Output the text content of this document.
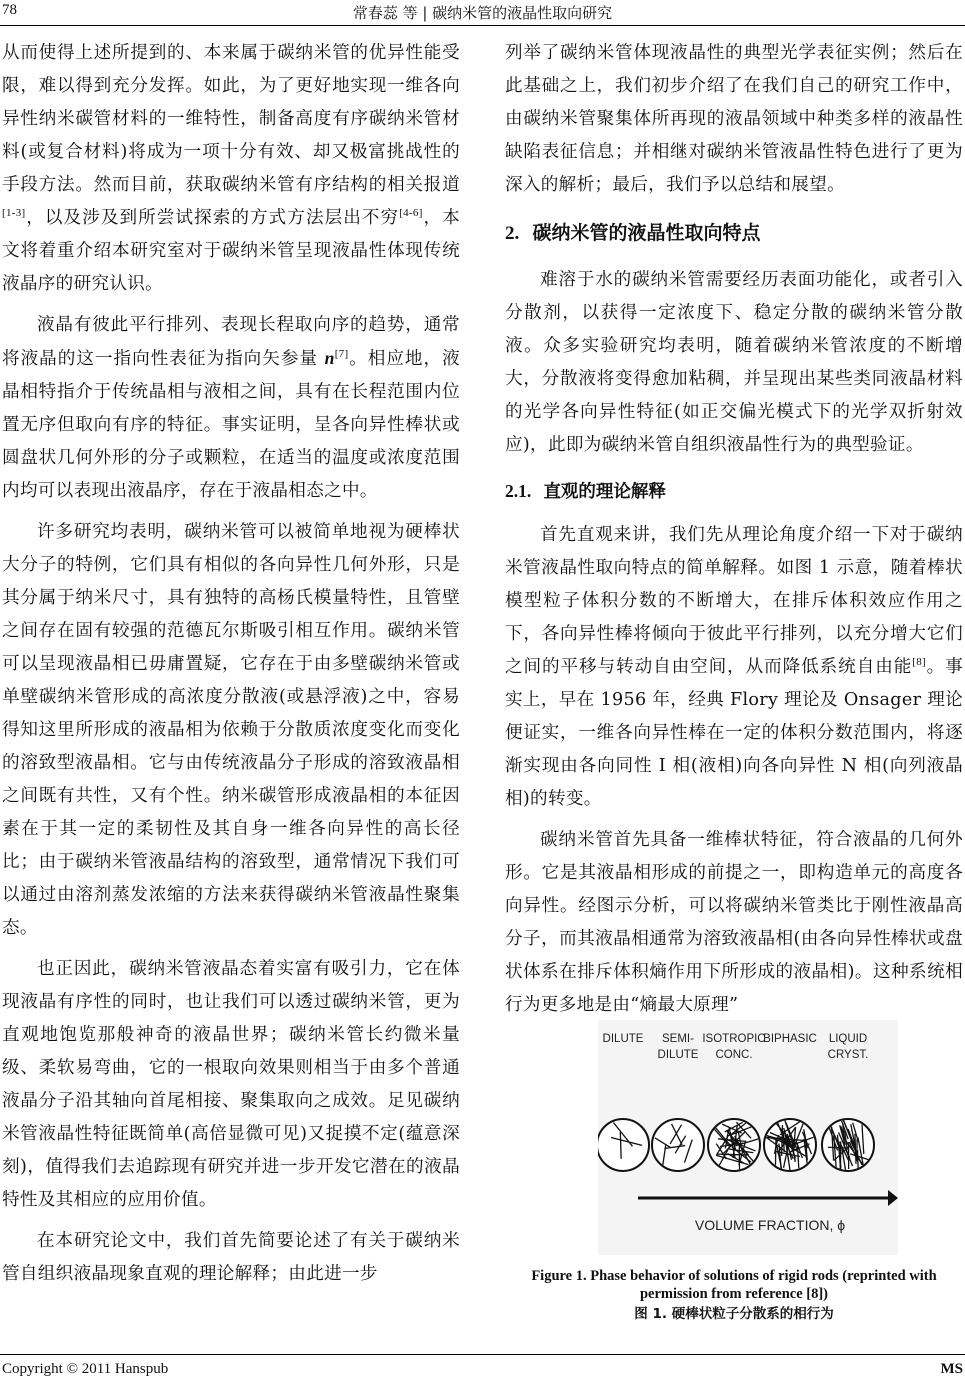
78	常春蕊 等 | 碳纳米管的液晶性取向研究

从而使得上述所提到的、本来属于碳纳米管的优异性能受限，难以得到充分发挥。如此，为了更好地实现一维各向异性纳米碳管材料的一维特性，制备高度有序碳纳米管材料(或复合材料)将成为一项十分有效、却又极富挑战性的手段方法。然而目前，获取碳纳米管有序结构的相关报道[1-3]，以及涉及到所尝试探索的方式方法层出不穷[4-6]，本文将着重介绍本研究室对于碳纳米管呈现液晶性体现传统液晶序的研究认识。

液晶有彼此平行排列、表现长程取向序的趋势，通常将液晶的这一指向性表征为指向矢参量 n[7]。相应地，液晶相特指介于传统晶相与液相之间，具有在长程范围内位置无序但取向有序的特征。事实证明，呈各向异性棒状或圆盘状几何外形的分子或颗粒，在适当的温度或浓度范围内均可以表现出液晶序，存在于液晶相态之中。

许多研究均表明，碳纳米管可以被简单地视为硬棒状大分子的特例，它们具有相似的各向异性几何外形，只是其分属于纳米尺寸，具有独特的高杨氏模量特性，且管壁之间存在固有较强的范德瓦尔斯吸引相互作用。碳纳米管可以呈现液晶相已毋庸置疑，它存在于由多壁碳纳米管或单壁碳纳米管形成的高浓度分散液(或悬浮液)之中，容易得知这里所形成的液晶相为依赖于分散质浓度变化而变化的溶致型液晶相。它与由传统液晶分子形成的溶致液晶相之间既有共性，又有个性。纳米碳管形成液晶相的本征因素在于其一定的柔韧性及其自身一维各向异性的高长径比；由于碳纳米管液晶结构的溶致型，通常情况下我们可以通过由溶剂蒸发浓缩的方法来获得碳纳米管液晶性聚集态。

也正因此，碳纳米管液晶态着实富有吸引力，它在体现液晶有序性的同时，也让我们可以透过碳纳米管，更为直观地饱览那般神奇的液晶世界；碳纳米管长约微米量级、柔软易弯曲，它的一根取向效果则相当于由多个普通液晶分子沿其轴向首尾相接、聚集取向之成效。足见碳纳米管液晶性特征既简单(高倍显微可见)又捉摸不定(蕴意深刻)，值得我们去追踪现有研究并进一步开发它潜在的液晶特性及其相应的应用价值。

在本研究论文中，我们首先简要论述了有关于碳纳米管自组织液晶现象直观的理论解释；由此进一步

列举了碳纳米管体现液晶性的典型光学表征实例；然后在此基础之上，我们初步介绍了在我们自己的研究工作中，由碳纳米管聚集体所再现的液晶领域中种类多样的液晶性缺陷表征信息；并相继对碳纳米管液晶性特色进行了更为深入的解析；最后，我们予以总结和展望。

2. 碳纳米管的液晶性取向特点

难溶于水的碳纳米管需要经历表面功能化，或者引入分散剂，以获得一定浓度下、稳定分散的碳纳米管分散液。众多实验研究均表明，随着碳纳米管浓度的不断增大，分散液将变得愈加粘稠，并呈现出某些类同液晶材料的光学各向异性特征(如正交偏光模式下的光学双折射效应)，此即为碳纳米管自组织液晶性行为的典型验证。

2.1. 直观的理论解释

首先直观来讲，我们先从理论角度介绍一下对于碳纳米管液晶性取向特点的简单解释。如图 1 示意，随着棒状模型粒子体积分数的不断增大，在排斥体积效应作用之下，各向异性棒将倾向于彼此平行排列，以充分增大它们之间的平移与转动自由空间，从而降低系统自由能[8]。事实上，早在 1956 年，经典 Flory 理论及 Onsager 理论便证实，一维各向异性棒在一定的体积分数范围内，将逐渐实现由各向同性 I 相(液相)向各向异性 N 相(向列液晶相)的转变。

碳纳米管首先具备一维棒状特征，符合液晶的几何外形。它是其液晶相形成的前提之一，即构造单元的高度各向异性。经图示分析，可以将碳纳米管类比于刚性液晶高分子，而其液晶相通常为溶致液晶相(由各向异性棒状或盘状体系在排斥体积熵作用下所形成的液晶相)。这种系统相行为更多地是由“熵最大原理”

DILUTE SEMI-
DILUTE
ISOTROPIC
CONC.
BIPHASIC LIQUID
CRYST.
VOLUME FRACTION, ϕ
Figure 1. Phase behavior of solutions of rigid rods (reprinted with permission from reference [8])
图 1. 硬棒状粒子分散系的相行为
Copyright © 2011 Hanspub	MS
